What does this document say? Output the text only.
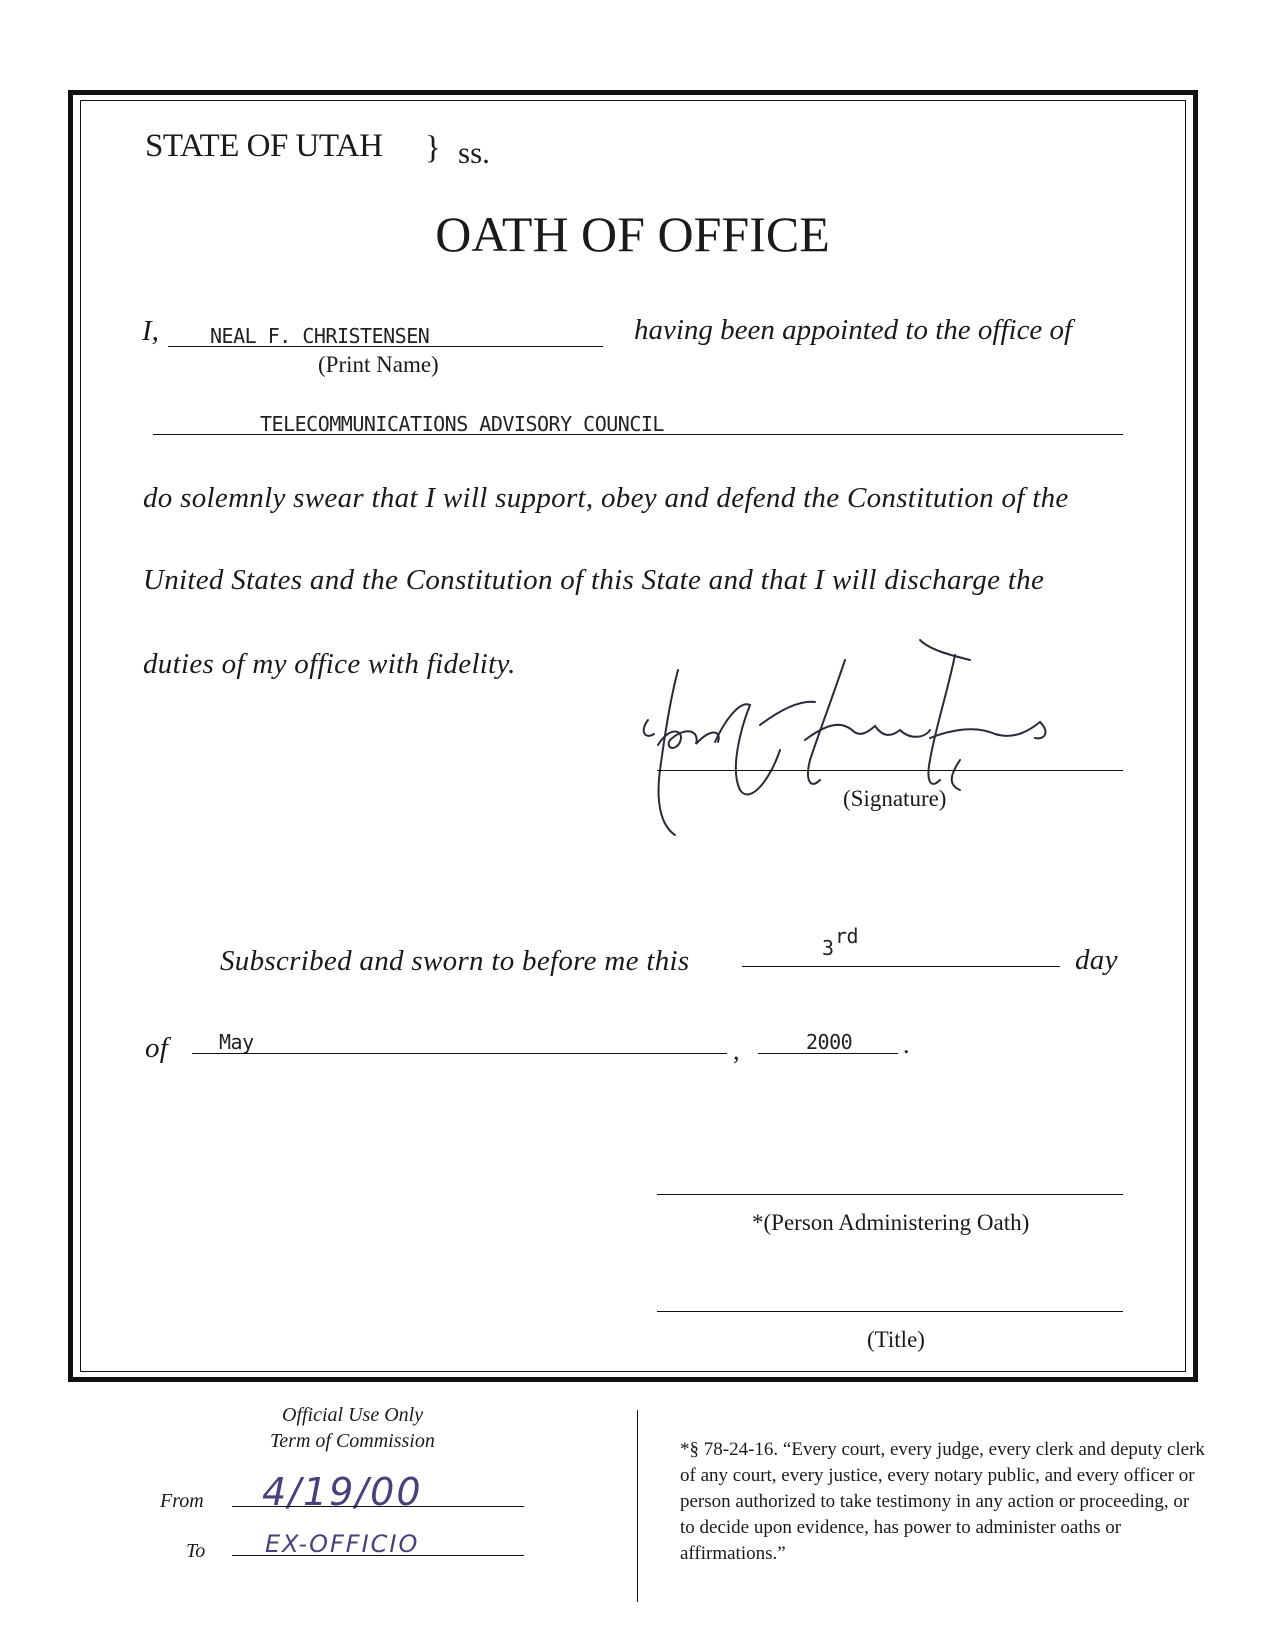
STATE OF UTAH } ss.
OATH OF OFFICE
I,	NEAL F. CHRISTENSEN
(Print Name)
having been appointed to the office of
TELECOMMUNICATIONS ADVISORY COUNCIL
do solemnly swear that I will support, obey and defend the Constitution of the
United States and the Constitution of this State and that I will discharge the
duties of my office with fidelity.
(Signature)
Subscribed and sworn to before me this	3 rd
day
of	May	,	2000 .
*(Person Administering Oath)
(Title)
Official Use Only
Term of Commission
From 4/19/00
To EX-OFFICIO
*§ 78-24-16. “Every court, every judge, every clerk and deputy clerk of any court, every justice, every notary public, and every officer or person authorized to take testimony in any action or proceeding, or to decide upon evidence, has power to administer oaths or affirmations.”
